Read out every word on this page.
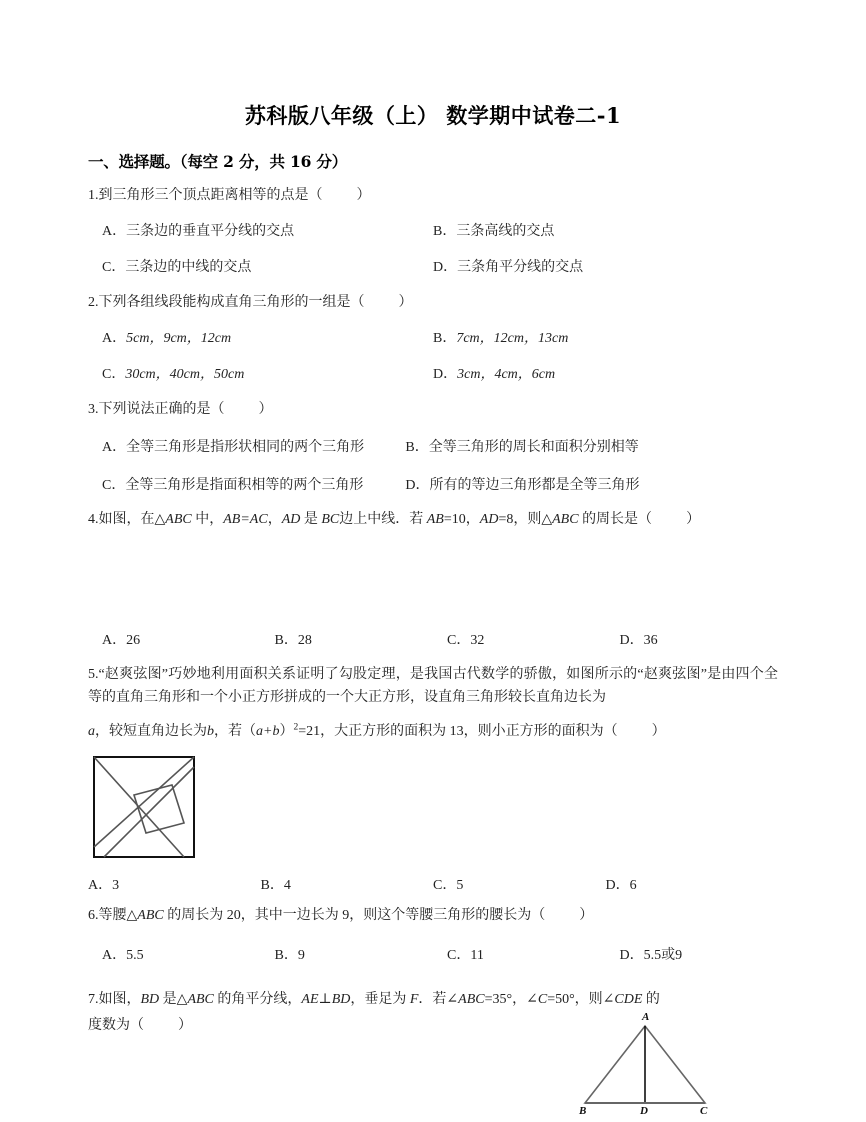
苏科版八年级（上） 数学期中试卷二-1
一、选择题。（每空 2 分，共 16 分）
1.到三角形三个顶点距离相等的点是（ ）
A．三条边的垂直平分线的交点	B．三条高线的交点
C．三条边的中线的交点	D．三条角平分线的交点
2.下列各组线段能构成直角三角形的一组是（ ）
A．5cm，9cm，12cm	B．7cm，12cm，13cm
C．30cm，40cm，50cm	D．3cm，4cm，6cm
3.下列说法正确的是（ ）
A．全等三角形是指形状相同的两个三角形	B．全等三角形的周长和面积分别相等
C．全等三角形是指面积相等的两个三角形	D．所有的等边三角形都是全等三角形
4.如图，在△ABC 中，AB=AC，AD 是 BC边上中线．若 AB=10，AD=8，则△ABC 的周长是（ ）
A．26	B．28	C．32	D．36
A
B	D	C
5.“赵爽弦图”巧妙地利用面积关系证明了勾股定理，是我国古代数学的骄傲，如图所示的“赵爽弦图”是由四个全等的直角三角形和一个小正方形拼成的一个大正方形，设直角三角形较长直角边长为
a，较短直角边长为b，若$(a+b)^2=21$，大正方形的面积为 13，则小正方形的面积为（ ）
A．3	B．4	C．5	D．6
6.等腰△ABC 的周长为 20，其中一边长为 9，则这个等腰三角形的腰长为（ ）
A．5.5	B．9	C．11	D．5.5或9
7.如图，BD 是△ABC 的角平分线，AE⊥BD，垂足为 F．若∠ABC=35°，∠C=50°，则∠CDE 的
度数为（ ）
